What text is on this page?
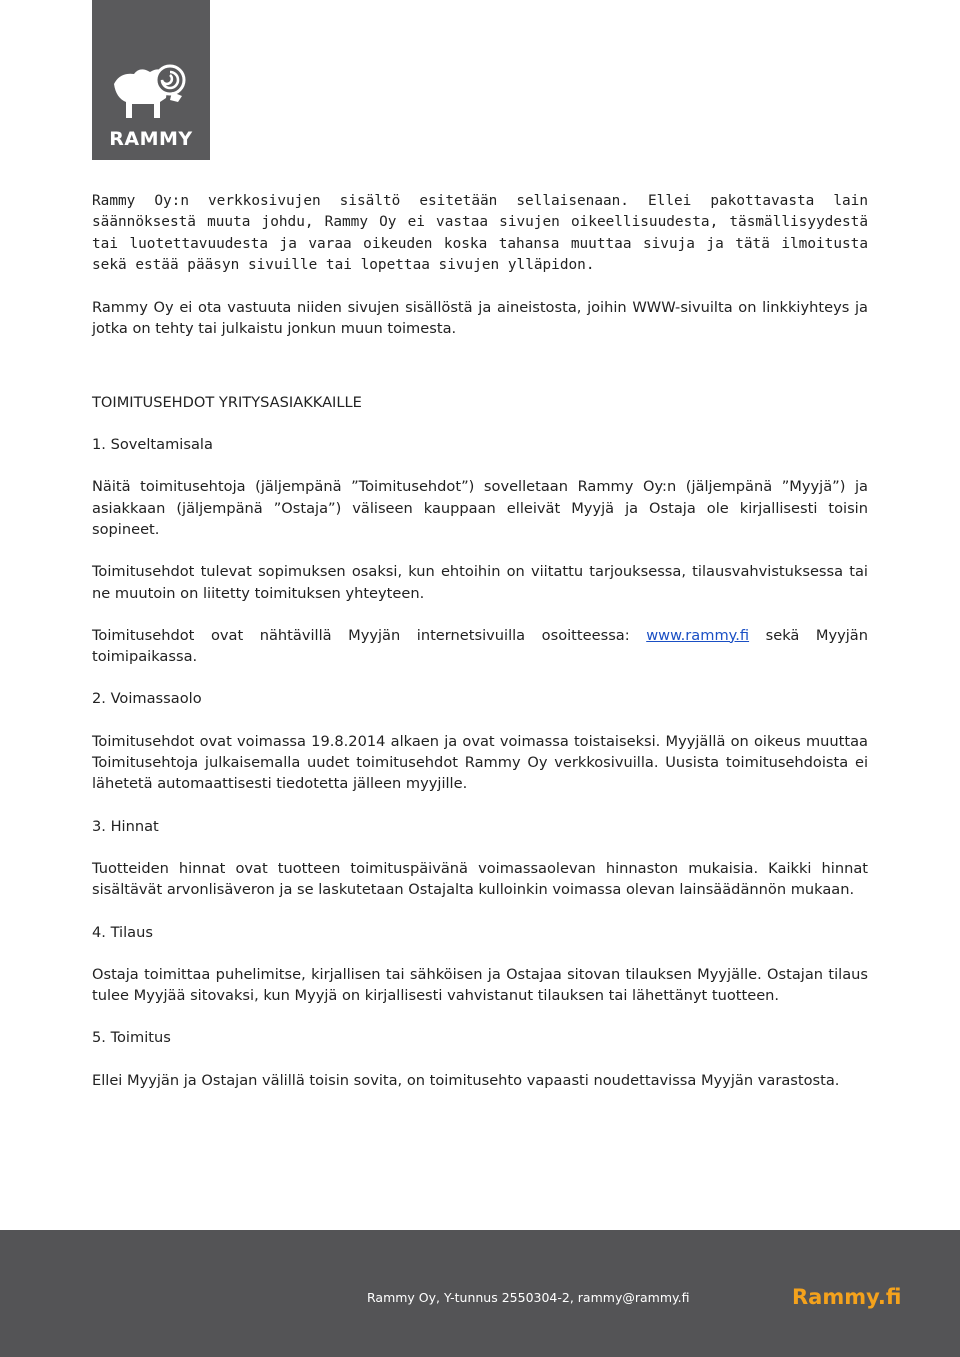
RAMMY

Rammy Oy:n verkkosivujen sisältö esitetään sellaisenaan. Ellei pakottavasta lain säännöksestä muuta johdu, Rammy Oy ei vastaa sivujen oikeellisuudesta, täsmällisyydestä tai luotettavuudesta ja varaa oikeuden koska tahansa muuttaa sivuja ja tätä ilmoitusta sekä estää pääsyn sivuille tai lopettaa sivujen ylläpidon.

Rammy Oy ei ota vastuuta niiden sivujen sisällöstä ja aineistosta, joihin WWW-sivuilta on linkkiyhteys ja jotka on tehty tai julkaistu jonkun muun toimesta.

TOIMITUSEHDOT YRITYSASIAKKAILLE

1. Soveltamisala

Näitä toimitusehtoja (jäljempänä ”Toimitusehdot”) sovelletaan Rammy Oy:n (jäljempänä ”Myyjä”) ja asiakkaan (jäljempänä ”Ostaja”) väliseen kauppaan elleivät Myyjä ja Ostaja ole kirjallisesti toisin sopineet.

Toimitusehdot tulevat sopimuksen osaksi, kun ehtoihin on viitattu tarjouksessa, tilausvahvistuksessa tai ne muutoin on liitetty toimituksen yhteyteen.

Toimitusehdot ovat nähtävillä Myyjän internetsivuilla osoitteessa: www.rammy.fi sekä Myyjän toimipaikassa.

2. Voimassaolo

Toimitusehdot ovat voimassa 19.8.2014 alkaen ja ovat voimassa toistaiseksi. Myyjällä on oikeus muuttaa Toimitusehtoja julkaisemalla uudet toimitusehdot Rammy Oy verkkosivuilla. Uusista toimitusehdoista ei lähetetä automaattisesti tiedotetta jälleen myyjille.

3. Hinnat

Tuotteiden hinnat ovat tuotteen toimituspäivänä voimassaolevan hinnaston mukaisia. Kaikki hinnat sisältävät arvonlisäveron ja se laskutetaan Ostajalta kulloinkin voimassa olevan lainsäädännön mukaan.

4. Tilaus

Ostaja toimittaa puhelimitse, kirjallisen tai sähköisen ja Ostajaa sitovan tilauksen Myyjälle. Ostajan tilaus tulee Myyjää sitovaksi, kun Myyjä on kirjallisesti vahvistanut tilauksen tai lähettänyt tuotteen.

5. Toimitus

Ellei Myyjän ja Ostajan välillä toisin sovita, on toimitusehto vapaasti noudettavissa Myyjän varastosta.

Rammy Oy, Y-tunnus 2550304-2, rammy@rammy.fi	Rammy.fi
